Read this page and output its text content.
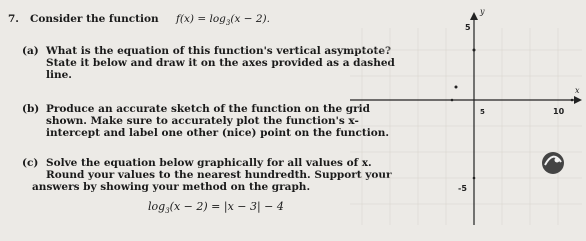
7. Consider the function $f(x) = \log_3(x - 2)$.
(a) What is the equation of this function's vertical asymptote?
State it below and draw it on the axes provided as a dashed
line.
(b) Produce an accurate sketch of the function on the grid
shown. Make sure to accurately plot the function's x-
intercept and label one other (nice) point on the function.
(c) Solve the equation below graphically for all values of x.
Round your values to the nearest hundredth. Support your
answers by showing your method on the graph.
$\log_3(x - 2) = |x - 3| - 4$
y
x
5
10
-5
5
